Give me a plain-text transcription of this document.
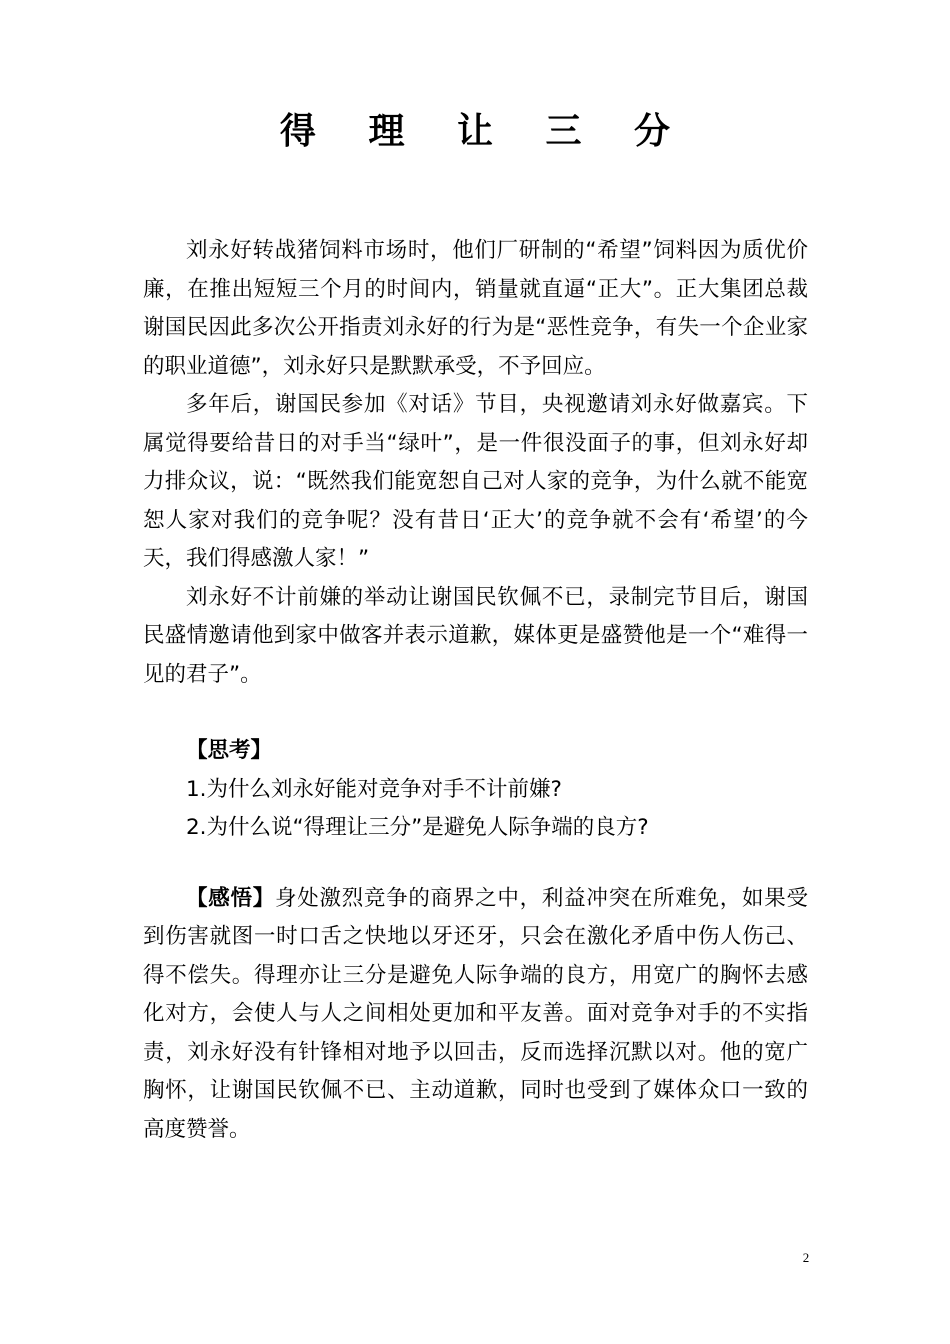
得 理 让 三 分

刘永好转战猪饲料市场时，他们厂研制的“希望”饲料因为质优价廉，在推出短短三个月的时间内，销量就直逼“正大”。正大集团总裁谢国民因此多次公开指责刘永好的行为是“恶性竞争，有失一个企业家的职业道德”，刘永好只是默默承受，不予回应。

多年后，谢国民参加《对话》节目，央视邀请刘永好做嘉宾。下属觉得要给昔日的对手当“绿叶”，是一件很没面子的事，但刘永好却力排众议，说：“既然我们能宽恕自己对人家的竞争，为什么就不能宽恕人家对我们的竞争呢？没有昔日‘正大’的竞争就不会有‘希望’的今天，我们得感激人家！”

刘永好不计前嫌的举动让谢国民钦佩不已，录制完节目后，谢国民盛情邀请他到家中做客并表示道歉，媒体更是盛赞他是一个“难得一见的君子”。

【思考】

1.为什么刘永好能对竞争对手不计前嫌?

2.为什么说“得理让三分”是避免人际争端的良方?

【感悟】身处激烈竞争的商界之中，利益冲突在所难免，如果受到伤害就图一时口舌之快地以牙还牙，只会在激化矛盾中伤人伤己、得不偿失。得理亦让三分是避免人际争端的良方，用宽广的胸怀去感化对方，会使人与人之间相处更加和平友善。面对竞争对手的不实指责，刘永好没有针锋相对地予以回击，反而选择沉默以对。他的宽广胸怀，让谢国民钦佩不已、主动道歉，同时也受到了媒体众口一致的高度赞誉。

2
